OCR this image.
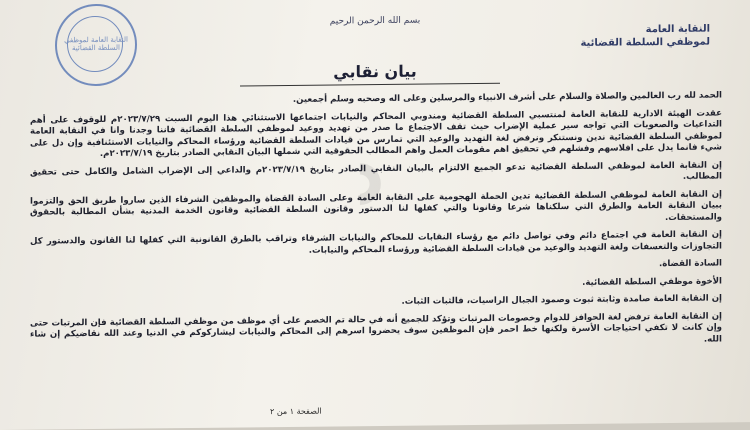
النقابة العامة لموظفي السلطة القضائية
بسم الله الرحمن الرحيم
النقابة العامة
لموظفي السلطة القضائية
بيان نقابي
ʾ

الحمد لله رب العالمين والصلاة والسلام على أشرف الانبياء والمرسلين وعلى اله وصحبه وسلم أجمعين.

عقدت الهيئة الادارية للنقابة العامة لمنتسبي السلطة القضائية ومندوبي المحاكم والنيابات اجتماعها الاستثنائي هذا اليوم السبت ٢٠٢٣/٧/٢٩م للوقوف على أهم التداعيات والصعوبات التي تواجه سير عملية الإضراب حيث تقف الاجتماع ما صدر من تهديد ووعيد لموظفي السلطة القضائية فاننا وجدنا وانا في النقابة العامة لموظفي السلطة القضائية ندين ونستنكر ونرفض لغة التهديد والوعيد التي تمارس من قيادات السلطة القضائية ورؤساء المحاكم والنيابات الاستئنافية وإن دل على شيء فانما يدل على افلاسهم وفشلهم في تحقيق اهم مقومات العمل واهم المطالب الحقوقية التي شملها البيان النقابي الصادر بتاريخ ٢٠٢٣/٧/١٩م.

إن النقابة العامة لموظفي السلطة القضائية تدعو الجميع الالتزام بالبيان النقابي الصادر بتاريخ ٢٠٢٣/٧/١٩م والداعي إلى الإضراب الشامل والكامل حتى تحقيق المطالب.

إن النقابة العامة لموظفي السلطة القضائية تدين الحملة الهجومية على النقابة العامة وعلى السادة القضاة والموظفين الشرفاء الذين ساروا طريق الحق والتزموا ببيان النقابة العامة والطرق التي سلكناها شرعا وقانونا والتي كفلها لنا الدستور وقانون السلطة القضائية وقانون الخدمة المدنية بشأن المطالبة بالحقوق والمستحقات.

إن النقابة العامة في اجتماع دائم وفي تواصل دائم مع رؤساء النقابات للمحاكم والنيابات الشرفاء وتراقب بالطرق القانونية التي كفلها لنا القانون والدستور كل التجاوزات والتعسفات ولغة التهديد والوعيد من قيادات السلطة القضائية ورؤساء المحاكم والنيابات.

السادة القضاة.

الأخوة موظفي السلطة القضائية.

إن النقابة العامة صامدة وثابتة ثبوت وصمود الجبال الراسيات، فالثبات الثبات.

إن النقابة العامة ترفض لغة الحوافز للدوام وخصومات المرتبات وتؤكد للجميع أنه في حالة تم الخصم على أي موظف من موظفي السلطة القضائية فإن المرتبات حتى وإن كانت لا تكفي احتياجات الأسرة ولكنها خط احمر فإن الموظفين سوف يحضروا اسرهم إلى المحاكم والنيابات ليشاركوكم في الدنيا وعند الله نقاضيكم إن شاء الله.

الصفحة ١ من ٢
